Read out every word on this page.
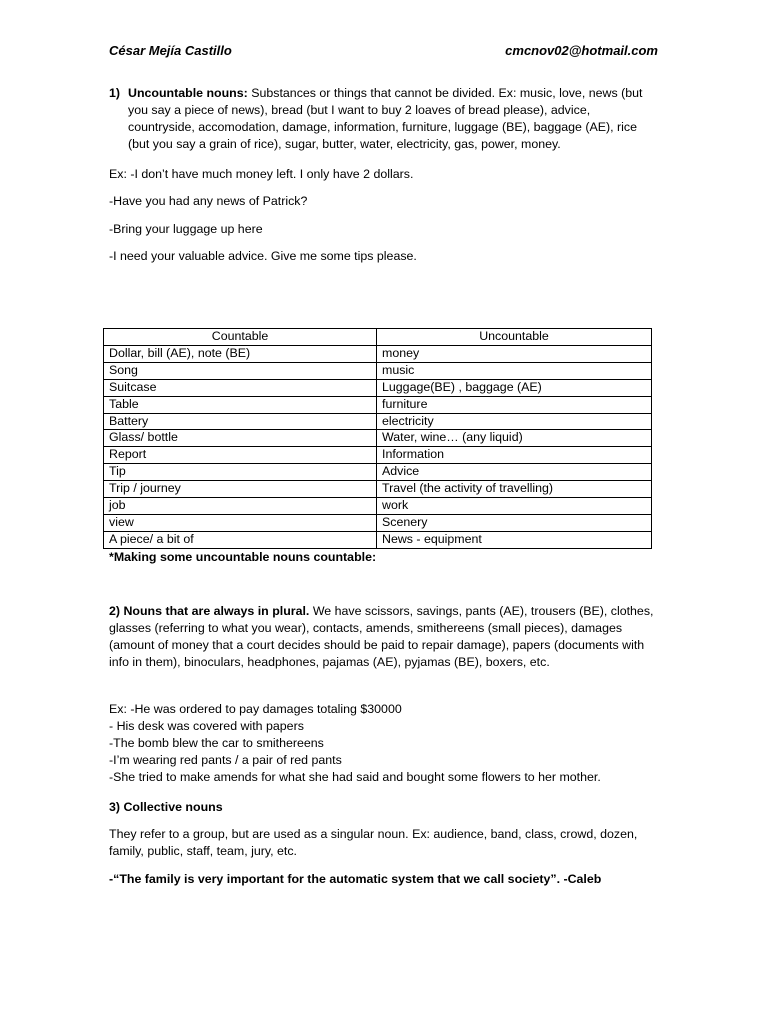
César Mejía Castillo	cmcnov02@hotmail.com
1) Uncountable nouns: Substances or things that cannot be divided. Ex: music, love, news (but you say a piece of news), bread (but I want to buy 2 loaves of bread please), advice, countryside, accomodation, damage, information, furniture, luggage (BE), baggage (AE), rice (but you say a grain of rice), sugar, butter, water, electricity, gas, power, money.

Ex: -I don’t have much money left. I only have 2 dollars.

-Have you had any news of Patrick?

-Bring your luggage up here

-I need your valuable advice. Give me some tips please.

Countable	Uncountable
Dollar, bill (AE), note (BE)	money
Song	music
Suitcase	Luggage(BE) , baggage (AE)
Table	furniture
Battery	electricity
Glass/ bottle	Water, wine… (any liquid)
Report	Information
Tip	Advice
Trip / journey	Travel (the activity of travelling)
job	work
view	Scenery
A piece/ a bit of	News - equipment

*Making some uncountable nouns countable:

2) Nouns that are always in plural. We have scissors, savings, pants (AE), trousers (BE), clothes, glasses (referring to what you wear), contacts, amends, smithereens (small pieces), damages (amount of money that a court decides should be paid to repair damage), papers (documents with info in them), binoculars, headphones, pajamas (AE), pyjamas (BE), boxers, etc.

Ex: -He was ordered to pay damages totaling $30000

- His desk was covered with papers

-The bomb blew the car to smithereens

-I’m wearing red pants / a pair of red pants

-She tried to make amends for what she had said and bought some flowers to her mother.

3) Collective nouns

They refer to a group, but are used as a singular noun. Ex: audience, band, class, crowd, dozen, family, public, staff, team, jury, etc.

-“The family is very important for the automatic system that we call society”. -Caleb
